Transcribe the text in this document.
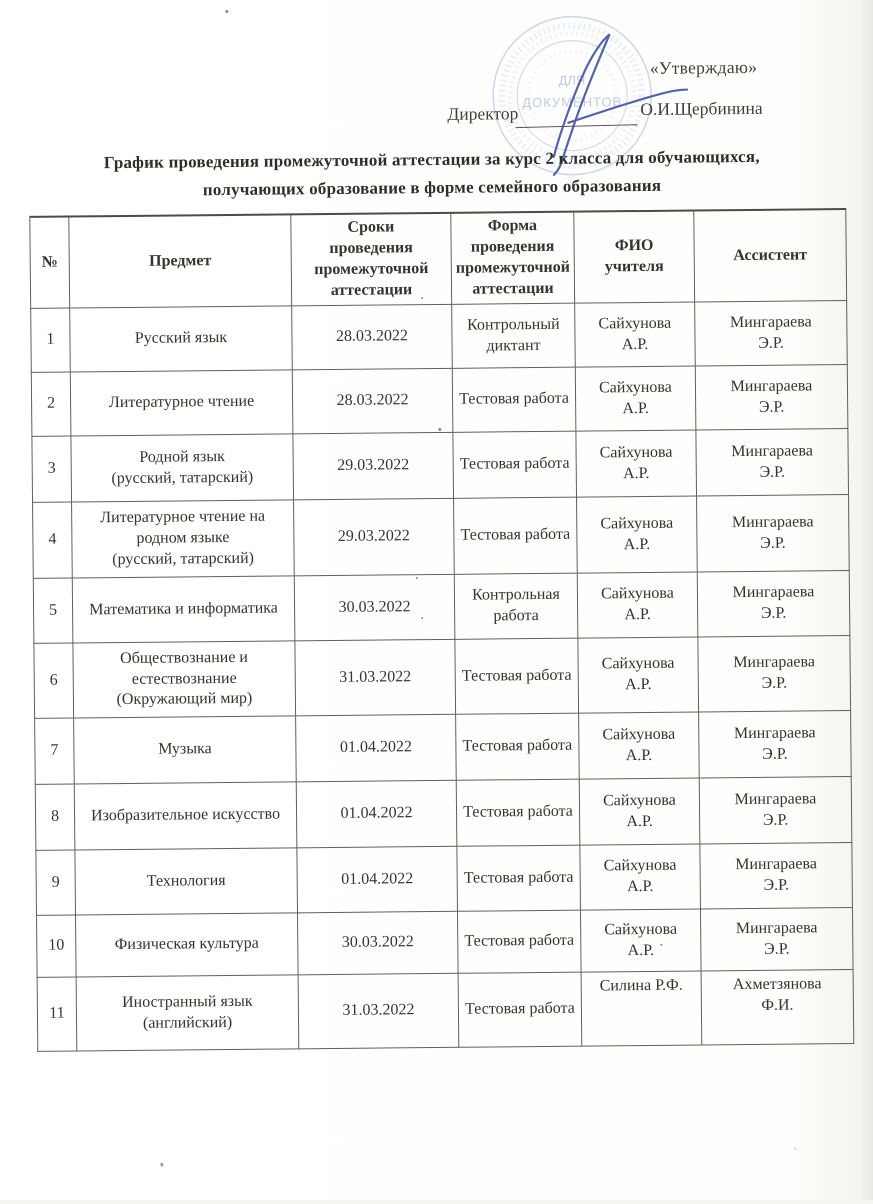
ДЛЯ
ДОКУМЕНТОВ
«Утверждаю»
Директор	О.И.Щербинина
График проведения промежуточной аттестации за курс 2 класса для обучающихся,
получающих образование в форме семейного образования
№	Предмет	Сроки
проведения
промежуточной
аттестации	Форма
проведения
промежуточной
аттестации	ФИО
учителя	Ассистент
1	Русский язык	28.03.2022	Контрольный
диктант	Сайхунова
А.Р.	Мингараева
Э.Р.
2	Литературное чтение	28.03.2022	Тестовая работа	Сайхунова
А.Р.	Мингараева
Э.Р.
3	Родной язык
(русский, татарский)	29.03.2022	Тестовая работа	Сайхунова
А.Р.	Мингараева
Э.Р.
4	Литературное чтение на
родном языке
(русский, татарский)	29.03.2022	Тестовая работа	Сайхунова
А.Р.	Мингараева
Э.Р.
5	Математика и информатика	30.03.2022	Контрольная
работа	Сайхунова
А.Р.	Мингараева
Э.Р.
6	Обществознание и
естествознание
(Окружающий мир)	31.03.2022	Тестовая работа	Сайхунова
А.Р.	Мингараева
Э.Р.
7	Музыка	01.04.2022	Тестовая работа	Сайхунова
А.Р.	Мингараева
Э.Р.
8	Изобразительное искусство	01.04.2022	Тестовая работа	Сайхунова
А.Р.	Мингараева
Э.Р.
9	Технология	01.04.2022	Тестовая работа	Сайхунова
А.Р.	Мингараева
Э.Р.
10	Физическая культура	30.03.2022	Тестовая работа	Сайхунова
А.Р.	Мингараева
Э.Р.
11	Иностранный язык
(английский)	31.03.2022	Тестовая работа	Силина Р.Ф.	Ахметзянова
Ф.И.
